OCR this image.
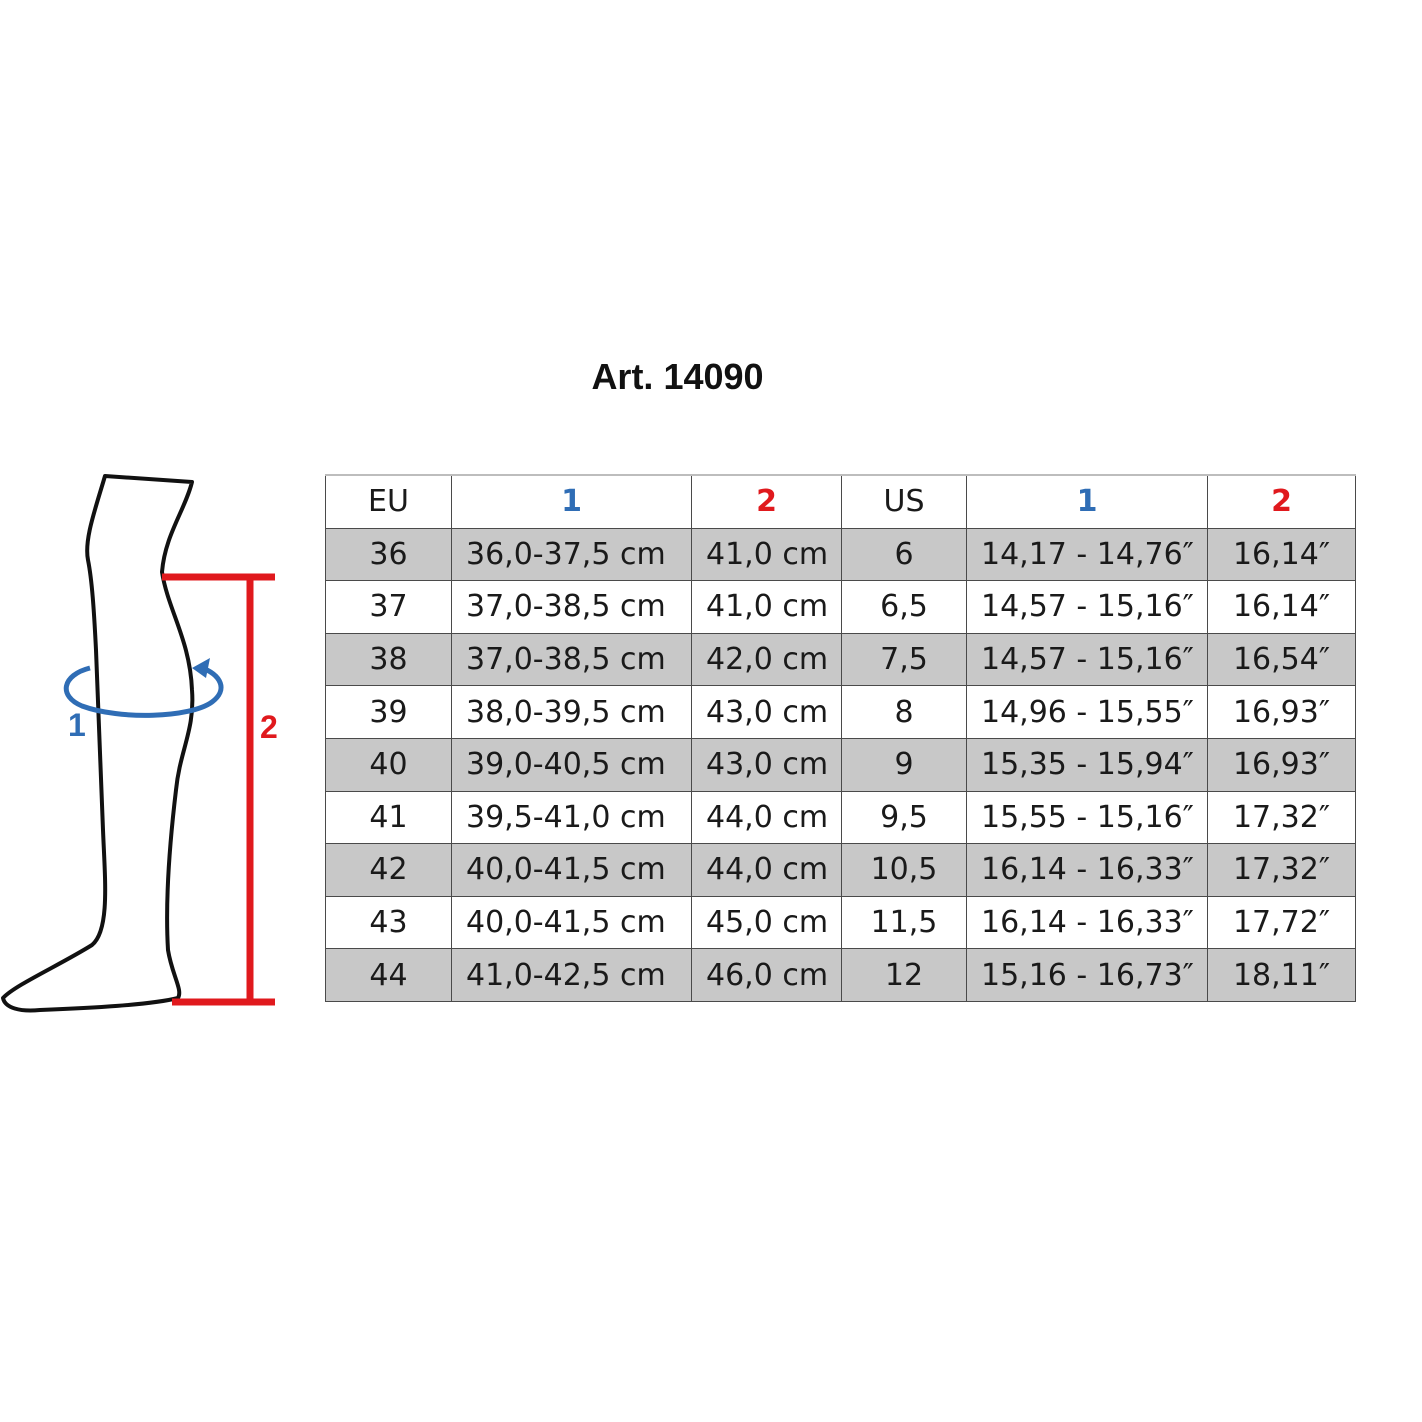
Art. 14090
1	2
EU	1	2	US	1	2
36	36,0-37,5 cm	41,0 cm	6	14,17 - 14,76″	16,14″
37	37,0-38,5 cm	41,0 cm	6,5	14,57 - 15,16″	16,14″
38	37,0-38,5 cm	42,0 cm	7,5	14,57 - 15,16″	16,54″
39	38,0-39,5 cm	43,0 cm	8	14,96 - 15,55″	16,93″
40	39,0-40,5 cm	43,0 cm	9	15,35 - 15,94″	16,93″
41	39,5-41,0 cm	44,0 cm	9,5	15,55 - 15,16″	17,32″
42	40,0-41,5 cm	44,0 cm	10,5	16,14 - 16,33″	17,32″
43	40,0-41,5 cm	45,0 cm	11,5	16,14 - 16,33″	17,72″
44	41,0-42,5 cm	46,0 cm	12	15,16 - 16,73″	18,11″
